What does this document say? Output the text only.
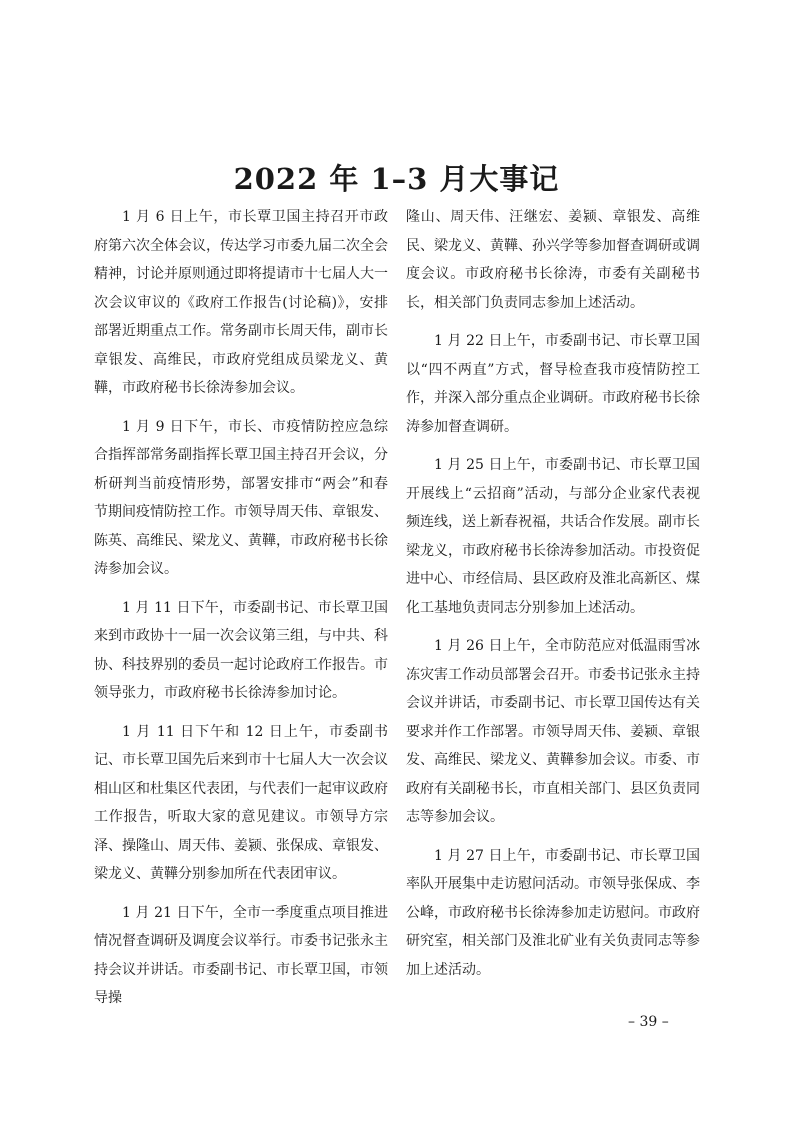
2022 年 1–3 月大事记

1 月 6 日上午，市长覃卫国主持召开市政府第六次全体会议，传达学习市委九届二次全会精神，讨论并原则通过即将提请市十七届人大一次会议审议的《政府工作报告(讨论稿)》，安排部署近期重点工作。常务副市长周天伟，副市长章银发、高维民，市政府党组成员梁龙义、黄鞾，市政府秘书长徐涛参加会议。

1 月 9 日下午，市长、市疫情防控应急综合指挥部常务副指挥长覃卫国主持召开会议，分析研判当前疫情形势，部署安排市“两会”和春节期间疫情防控工作。市领导周天伟、章银发、陈英、高维民、梁龙义、黄鞾，市政府秘书长徐涛参加会议。

1 月 11 日下午，市委副书记、市长覃卫国来到市政协十一届一次会议第三组，与中共、科协、科技界别的委员一起讨论政府工作报告。市领导张力，市政府秘书长徐涛参加讨论。

1 月 11 日下午和 12 日上午，市委副书记、市长覃卫国先后来到市十七届人大一次会议相山区和杜集区代表团，与代表们一起审议政府工作报告，听取大家的意见建议。市领导方宗泽、操隆山、周天伟、姜颍、张保成、章银发、梁龙义、黄鞾分别参加所在代表团审议。

1 月 21 日下午，全市一季度重点项目推进情况督查调研及调度会议举行。市委书记张永主持会议并讲话。市委副书记、市长覃卫国，市领导操

隆山、周天伟、汪继宏、姜颍、章银发、高维民、梁龙义、黄鞾、孙兴学等参加督查调研或调度会议。市政府秘书长徐涛，市委有关副秘书长，相关部门负责同志参加上述活动。

1 月 22 日上午，市委副书记、市长覃卫国以“四不两直”方式，督导检查我市疫情防控工作，并深入部分重点企业调研。市政府秘书长徐涛参加督查调研。

1 月 25 日上午，市委副书记、市长覃卫国开展线上“云招商”活动，与部分企业家代表视频连线，送上新春祝福，共话合作发展。副市长梁龙义，市政府秘书长徐涛参加活动。市投资促进中心、市经信局、县区政府及淮北高新区、煤化工基地负责同志分别参加上述活动。

1 月 26 日上午，全市防范应对低温雨雪冰冻灾害工作动员部署会召开。市委书记张永主持会议并讲话，市委副书记、市长覃卫国传达有关要求并作工作部署。市领导周天伟、姜颍、章银发、高维民、梁龙义、黄鞾参加会议。市委、市政府有关副秘书长，市直相关部门、县区负责同志等参加会议。

1 月 27 日上午，市委副书记、市长覃卫国率队开展集中走访慰问活动。市领导张保成、李公峰，市政府秘书长徐涛参加走访慰问。市政府研究室，相关部门及淮北矿业有关负责同志等参加上述活动。

– 39 –
